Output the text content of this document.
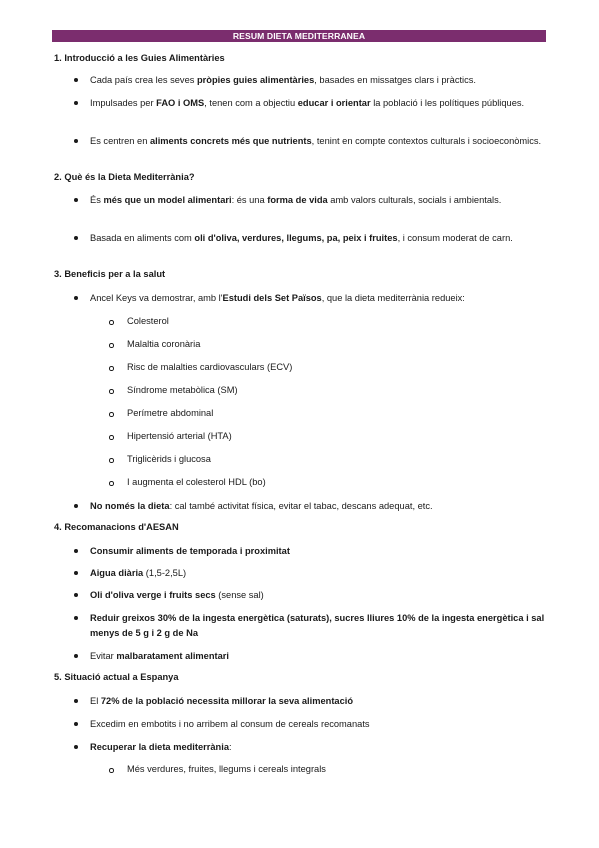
RESUM DIETA MEDITERRANEA
1. Introducció a les Guies Alimentàries
Cada país crea les seves pròpies guies alimentàries, basades en missatges clars i pràctics.
Impulsades per FAO i OMS, tenen com a objectiu educar i orientar la població i les polítiques públiques.
Es centren en aliments concrets més que nutrients, tenint en compte contextos culturals i socioeconòmics.
2. Què és la Dieta Mediterrània?
És més que un model alimentari: és una forma de vida amb valors culturals, socials i ambientals.
Basada en aliments com oli d'oliva, verdures, llegums, pa, peix i fruites, i consum moderat de carn.
3. Beneficis per a la salut
Ancel Keys va demostrar, amb l'Estudi dels Set Països, que la dieta mediterrània redueix:
Colesterol
Malaltia coronària
Risc de malalties cardiovasculars (ECV)
Síndrome metabòlica (SM)
Perímetre abdominal
Hipertensió arterial (HTA)
Triglicèrids i glucosa
I augmenta el colesterol HDL (bo)
No només la dieta: cal també activitat física, evitar el tabac, descans adequat, etc.
4. Recomanacions d'AESAN
Consumir aliments de temporada i proximitat
Aigua diària (1,5-2,5L)
Oli d'oliva verge i fruits secs (sense sal)
Reduir greixos 30% de la ingesta energètica (saturats), sucres lliures 10% de la ingesta energètica i sal menys de 5 g i 2 g de Na
Evitar malbaratament alimentari
5. Situació actual a Espanya
El 72% de la població necessita millorar la seva alimentació
Excedim en embotits i no arribem al consum de cereals recomanats
Recuperar la dieta mediterrània:
Més verdures, fruites, llegums i cereals integrals
